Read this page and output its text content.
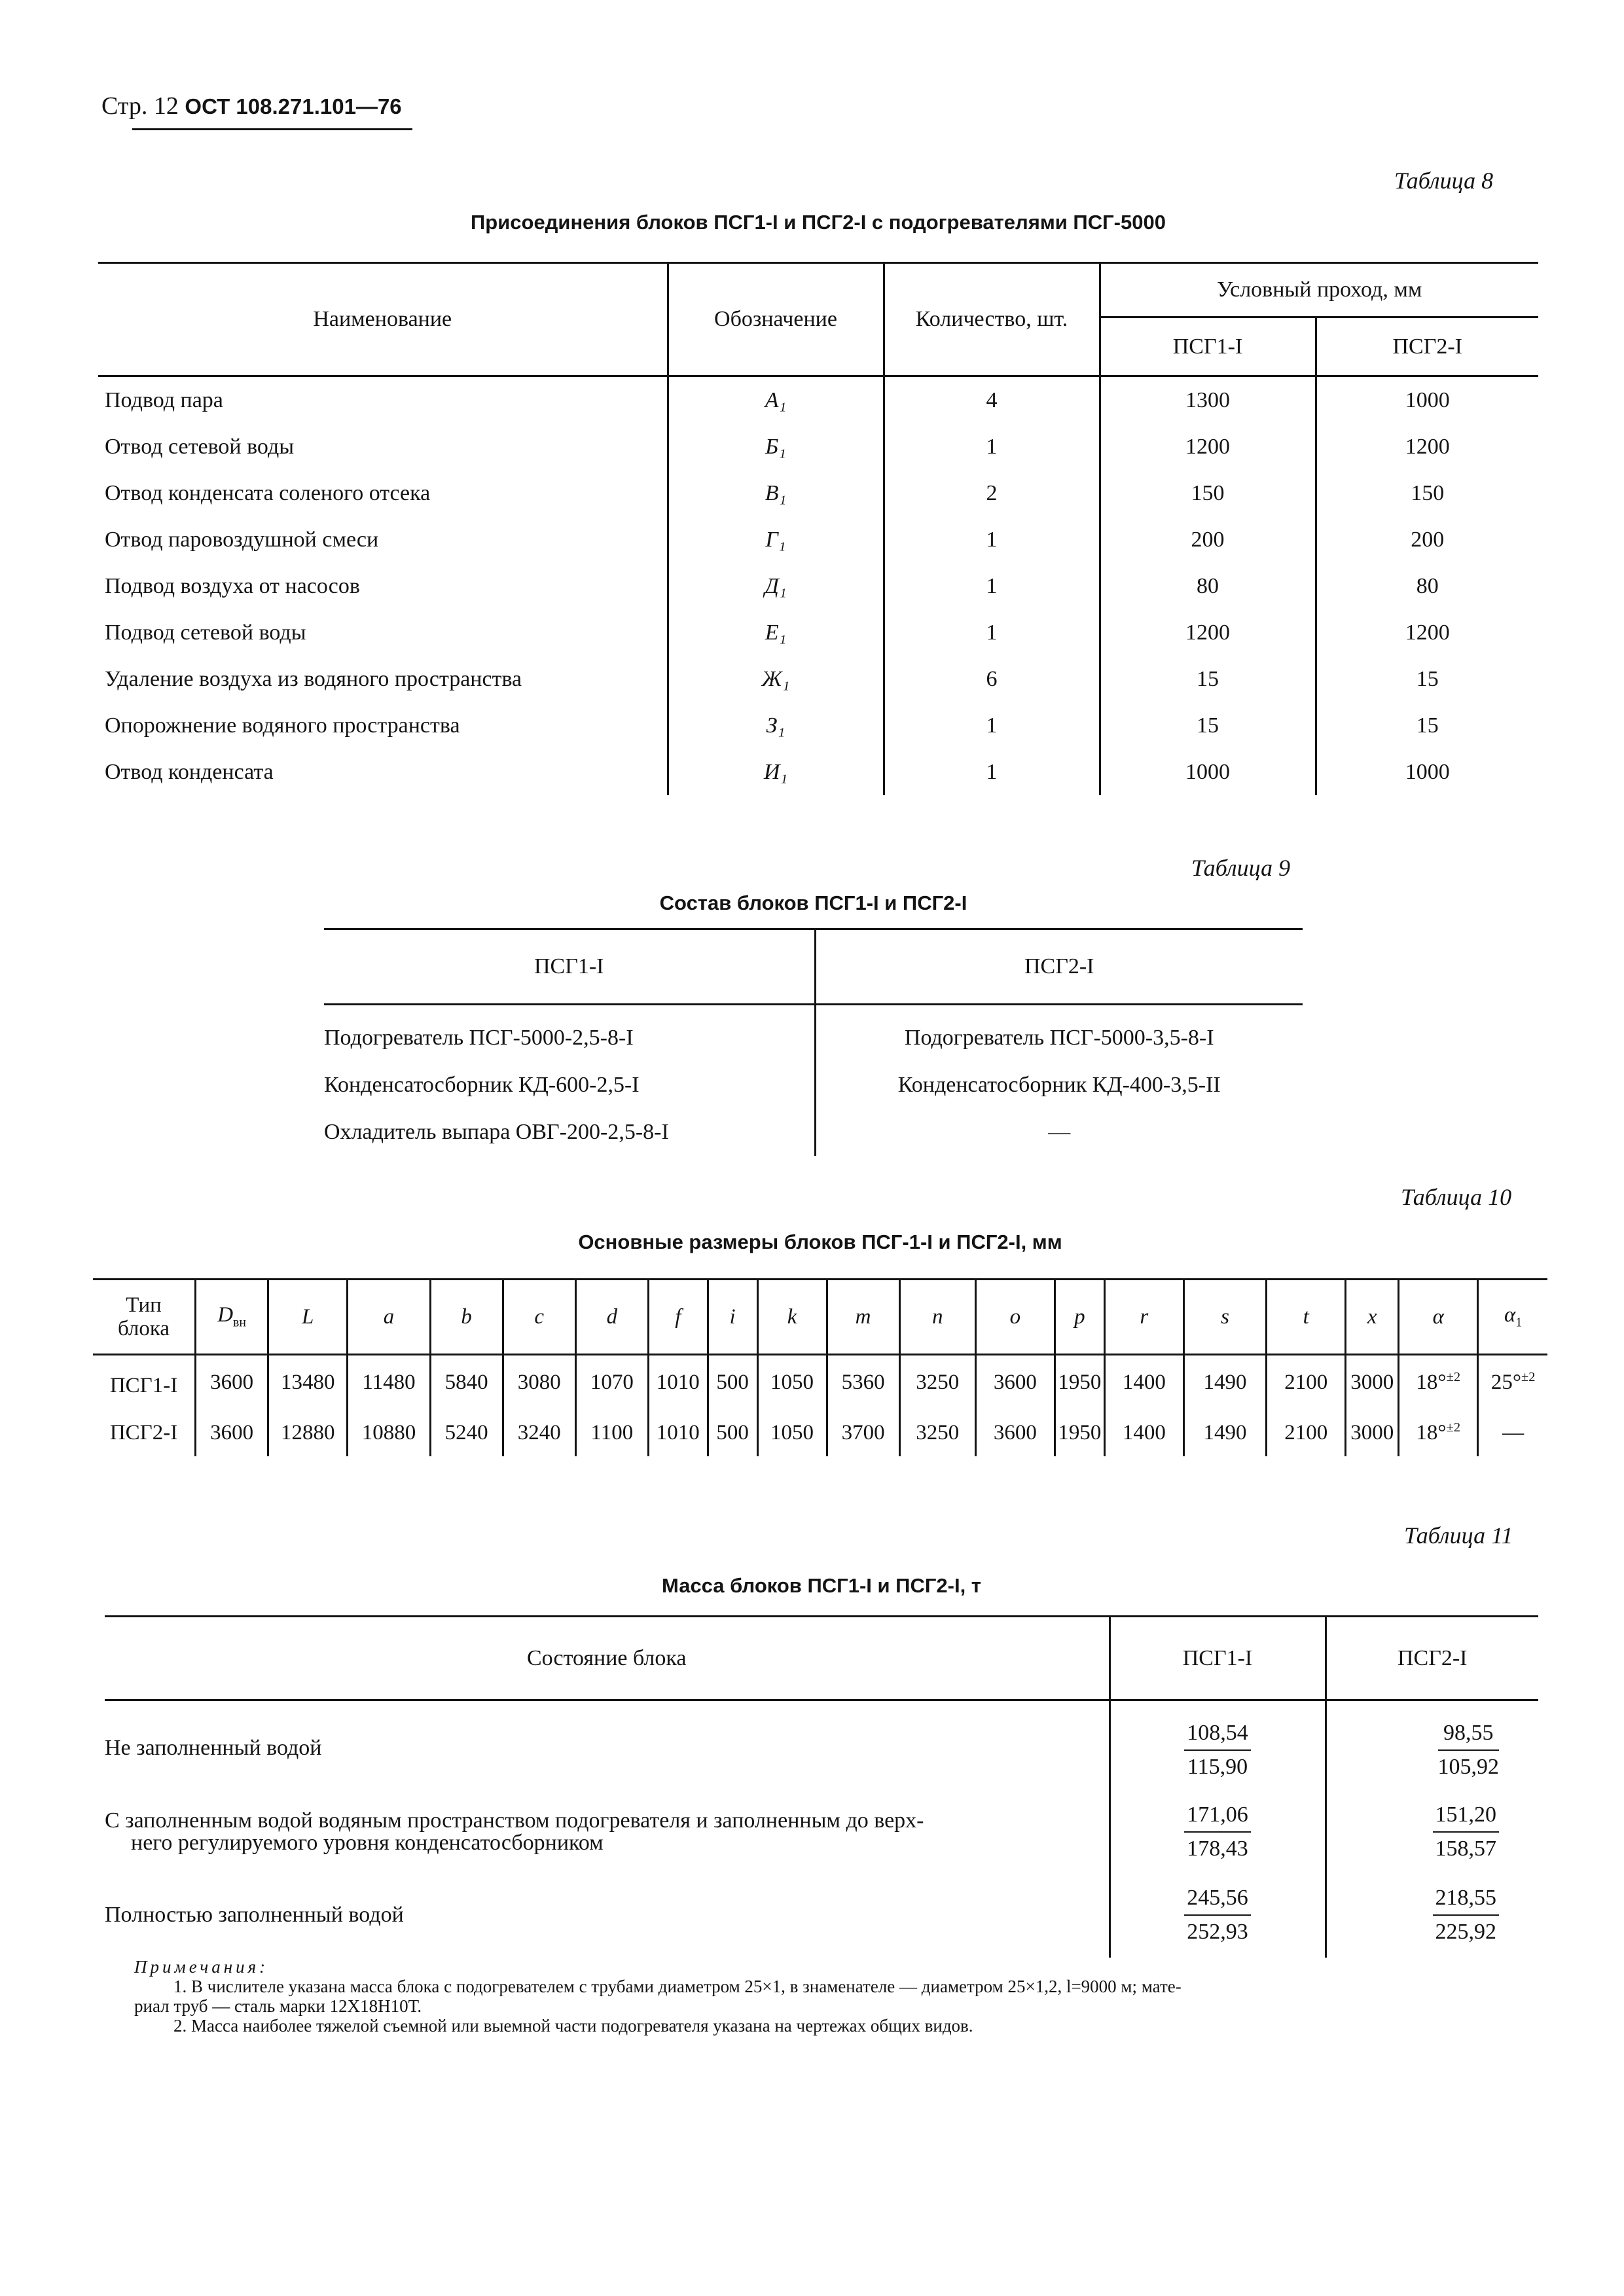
Стр. 12 ОСТ 108.271.101—76
Таблица 8
Присоединения блоков ПСГ1-I и ПСГ2-I с подогревателями ПСГ-5000
Наименование	Обозначение	Количество, шт.	Условный проход, мм	
			ПСГ1-I	ПСГ2-I
Подвод пара	А₁	4	1300	1000
Отвод сетевой воды	Б₁	1	1200	1200
Отвод конденсата соленого отсека	В₁	2	150	150
Отвод паровоздушной смеси	Г₁	1	200	200
Подвод воздуха от насосов	Д₁	1	80	80
Подвод сетевой воды	Е₁	1	1200	1200
Удаление воздуха из водяного пространства	Ж₁	6	15	15
Опорожнение водяного пространства	З₁	1	15	15
Отвод конденсата	И₁	1	1000	1000
Таблица 9
Состав блоков ПСГ1-I и ПСГ2-I
ПСГ1-I	ПСГ2-I
Подогреватель ПСГ-5000-2,5-8-I	Подогреватель ПСГ-5000-3,5-8-I
Конденсатосборник КД-600-2,5-I	Конденсатосборник КД-400-3,5-II
Охладитель выпара ОВГ-200-2,5-8-I	—
Таблица 10
Основные размеры блоков ПСГ-1-I и ПСГ2-I, мм
Тип
блока	$D_{вн}$	L	a	b	c	d	f	i	k	m	n	o	p	r	s	t	x	α	$\alpha_1$
ПСГ1-I	3600	13480	11480	5840	3080	1070	1010	500	1050	5360	3250	3600	1950	1400	1490	2100	3000	18°$^{\pm 2}$	25°$^{\pm 2}$
ПСГ2-I	3600	12880	10880	5240	3240	1100	1010	500	1050	3700	3250	3600	1950	1400	1490	2100	3000	18°$^{\pm 2}$	—
Таблица 11
Масса блоков ПСГ1-I и ПСГ2-I, т
Состояние блока	ПСГ1-I	ПСГ2-I
Не заполненный водой	$\frac{108,54}{115,90}$	$\frac{98,55}{105,92}$

С заполненным водой водяным пространством подогревателя и заполненным до верх-
него регулируемого уровня конденсатосборником	$\frac{171,06}{178,43}$	$\frac{151,20}{158,57}$

Полностью заполненный водой	$\frac{245,56}{252,93}$	$\frac{218,55}{225,92}$
Примечания:
1. В числителе указана масса блока с подогревателем с трубами диаметром 25×1, в знаменателе — диаметром 25×1,2, l=9000 м; мате-
риал труб — сталь марки 12Х18Н10Т.
2. Масса наиболее тяжелой съемной или выемной части подогревателя указана на чертежах общих видов.
